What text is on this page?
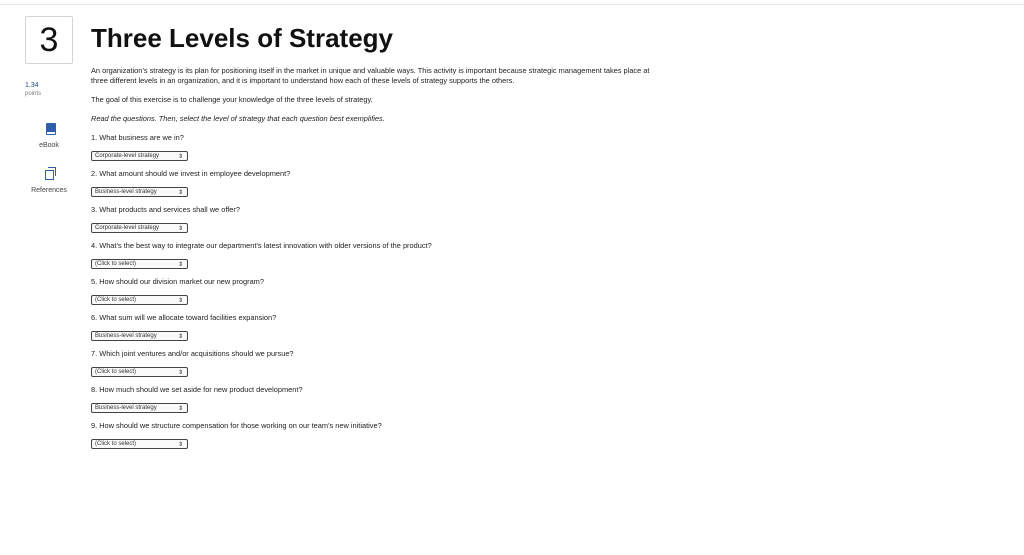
3
1.34
points
eBook
References
Three Levels of Strategy
An organization’s strategy is its plan for positioning itself in the market in unique and valuable ways. This activity is important because strategic management takes place at three different levels in an organization, and it is important to understand how each of these levels of strategy supports the others.
The goal of this exercise is to challenge your knowledge of the three levels of strategy.
Read the questions. Then, select the level of strategy that each question best exemplifies.
1. What business are we in?
Corporate-level strategy	⇕
2. What amount should we invest in employee development?
Business-level strategy	⇕
3. What products and services shall we offer?
Corporate-level strategy	⇕
4. What’s the best way to integrate our department’s latest innovation with older versions of the product?
(Click to select)	⇕
5. How should our division market our new program?
(Click to select)	⇕
6. What sum will we allocate toward facilities expansion?
Business-level strategy	⇕
7. Which joint ventures and/or acquisitions should we pursue?
(Click to select)	⇕
8. How much should we set aside for new product development?
Business-level strategy	⇕
9. How should we structure compensation for those working on our team’s new initiative?
(Click to select)	⇕
